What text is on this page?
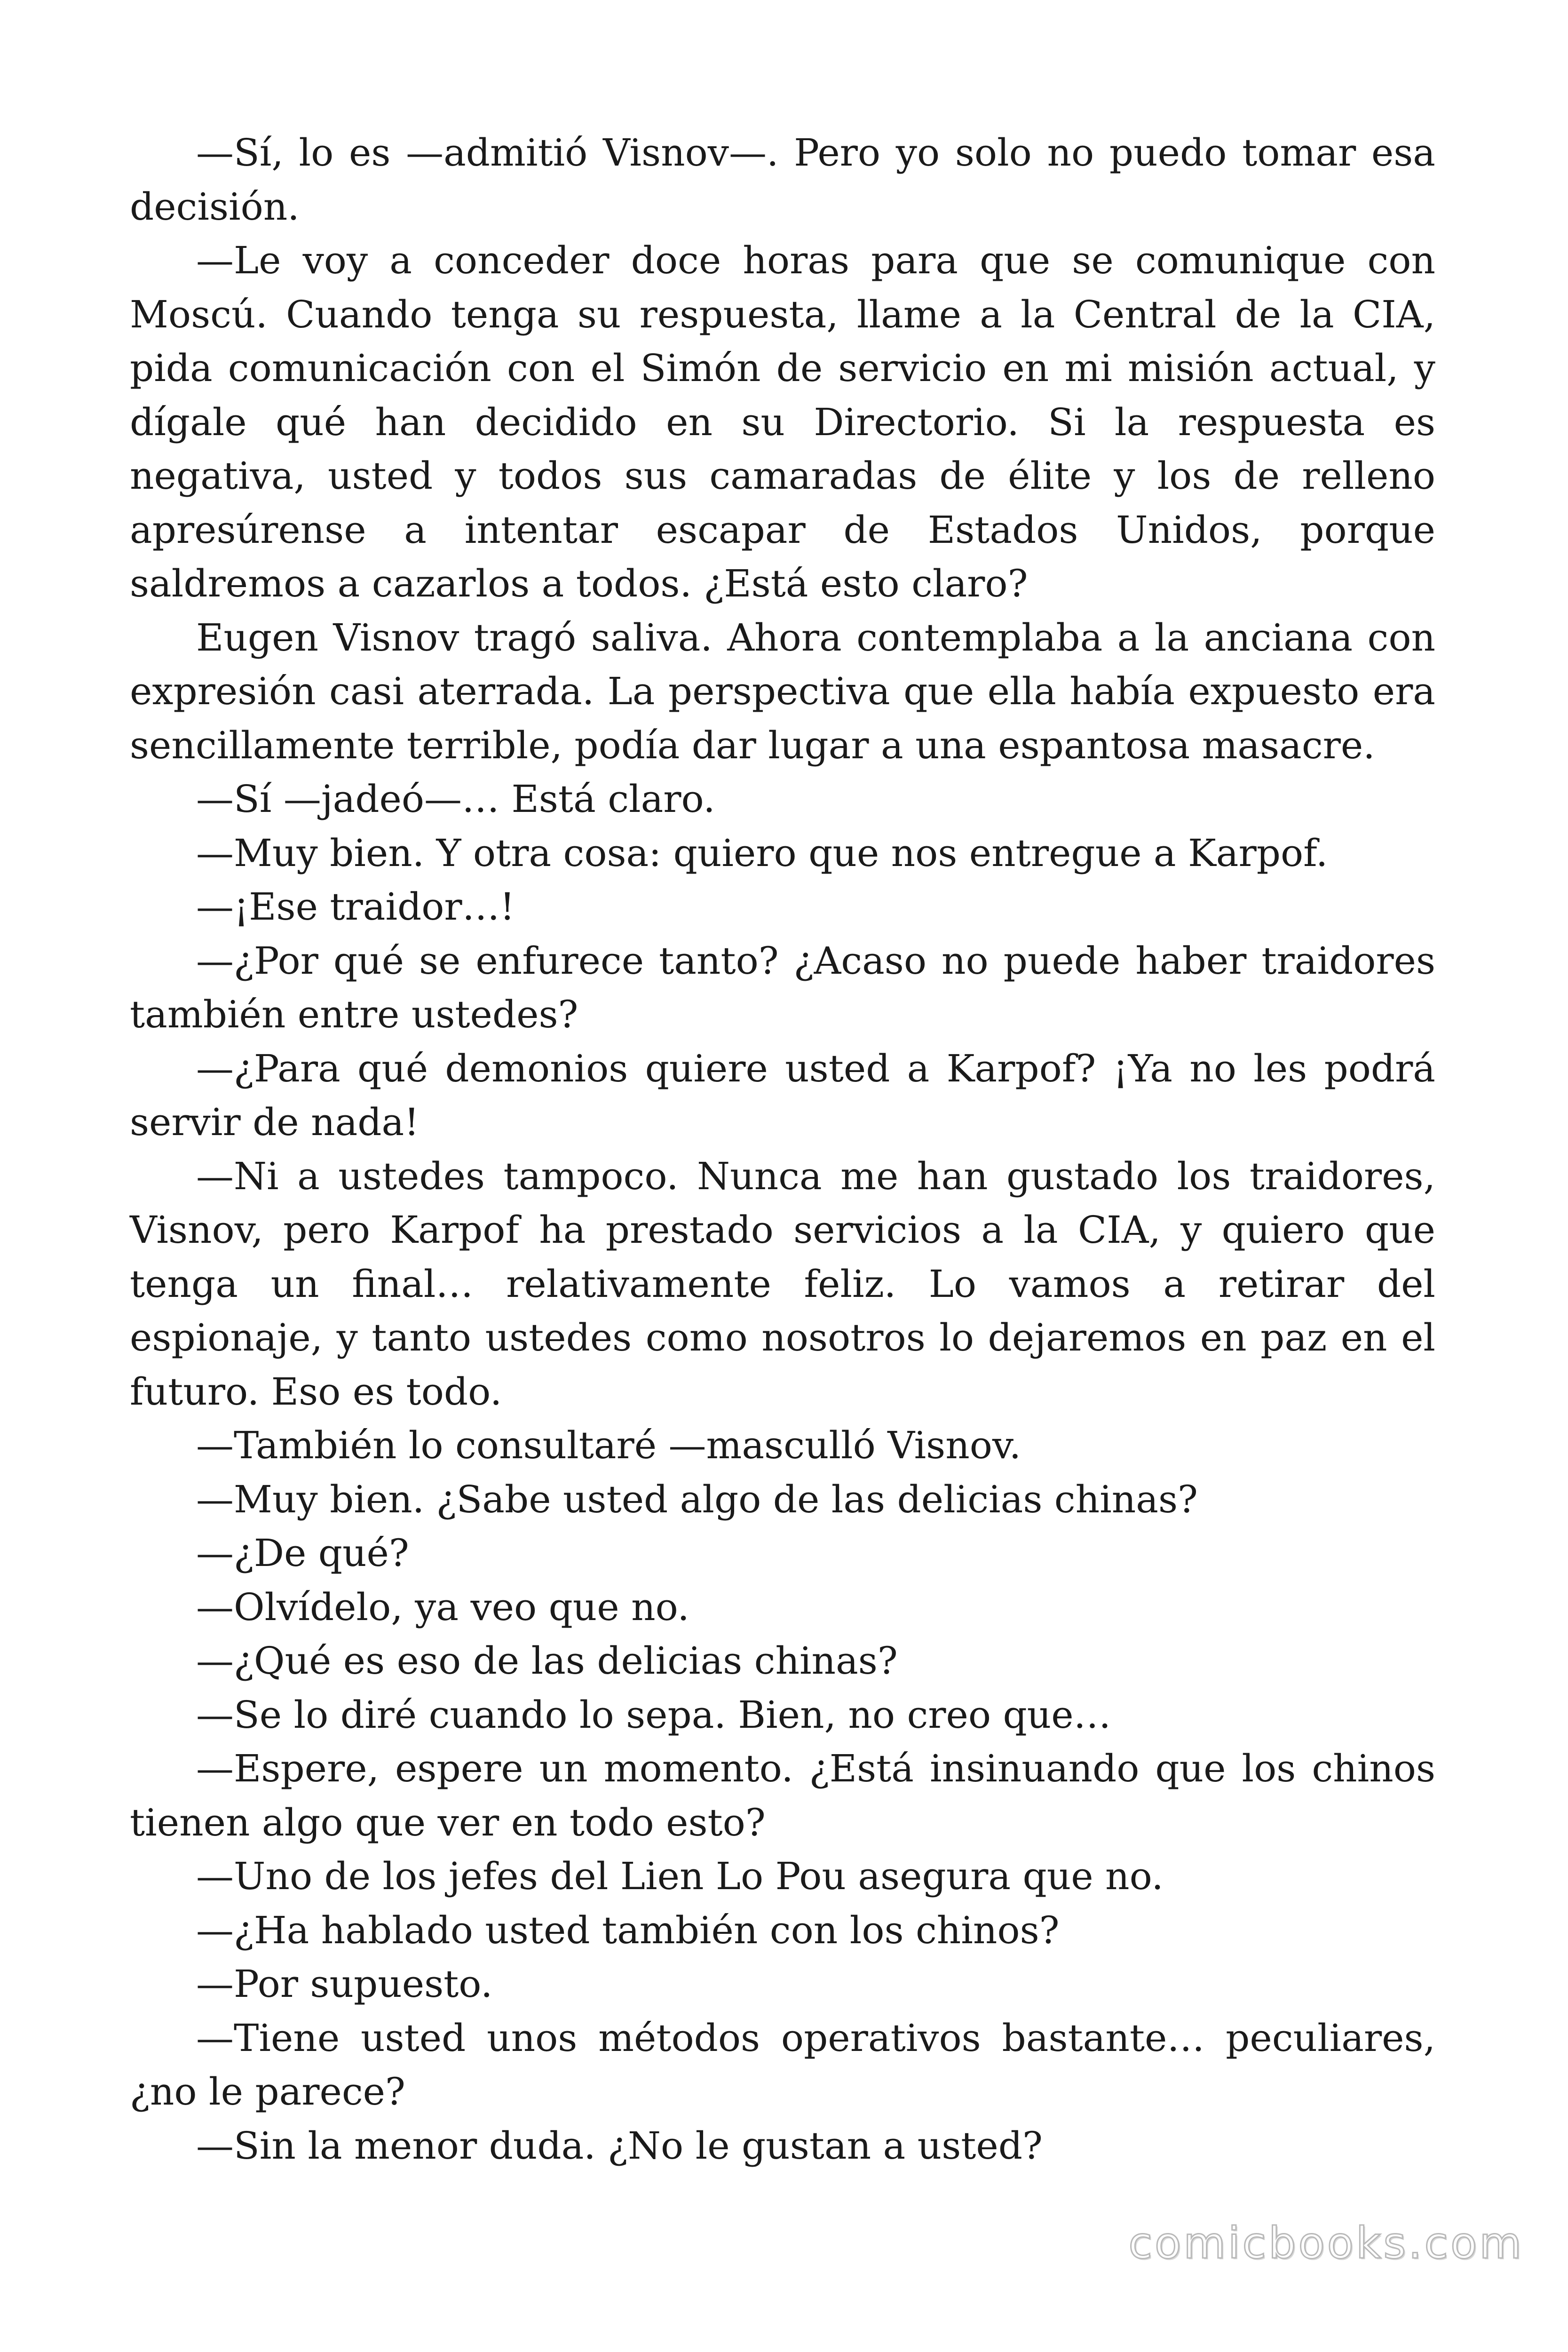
—Sí, lo es —admitió Visnov—. Pero yo solo no puedo tomar esa decisión.

—Le voy a conceder doce horas para que se comunique con Moscú. Cuando tenga su respuesta, llame a la Central de la CIA, pida comunicación con el Simón de servicio en mi misión actual, y dígale qué han decidido en su Directorio. Si la respuesta es negativa, usted y todos sus camaradas de élite y los de relleno apresúrense a intentar escapar de Estados Unidos, porque saldremos a cazarlos a todos. ¿Está esto claro?

Eugen Visnov tragó saliva. Ahora contemplaba a la anciana con expresión casi aterrada. La perspectiva que ella había expuesto era sencillamente terrible, podía dar lugar a una espantosa masacre.

—Sí —jadeó—… Está claro.

—Muy bien. Y otra cosa: quiero que nos entregue a Karpof.

—¡Ese traidor…!

—¿Por qué se enfurece tanto? ¿Acaso no puede haber traidores también entre ustedes?

—¿Para qué demonios quiere usted a Karpof? ¡Ya no les podrá servir de nada!

—Ni a ustedes tampoco. Nunca me han gustado los traidores, Visnov, pero Karpof ha prestado servicios a la CIA, y quiero que tenga un final… relativamente feliz. Lo vamos a retirar del espionaje, y tanto ustedes como nosotros lo dejaremos en paz en el futuro. Eso es todo.

—También lo consultaré —masculló Visnov.

—Muy bien. ¿Sabe usted algo de las delicias chinas?

—¿De qué?

—Olvídelo, ya veo que no.

—¿Qué es eso de las delicias chinas?

—Se lo diré cuando lo sepa. Bien, no creo que…

—Espere, espere un momento. ¿Está insinuando que los chinos tienen algo que ver en todo esto?

—Uno de los jefes del Lien Lo Pou asegura que no.

—¿Ha hablado usted también con los chinos?

—Por supuesto.

—Tiene usted unos métodos operativos bastante… peculiares, ¿no le parece?

—Sin la menor duda. ¿No le gustan a usted?

comicbooks.com
